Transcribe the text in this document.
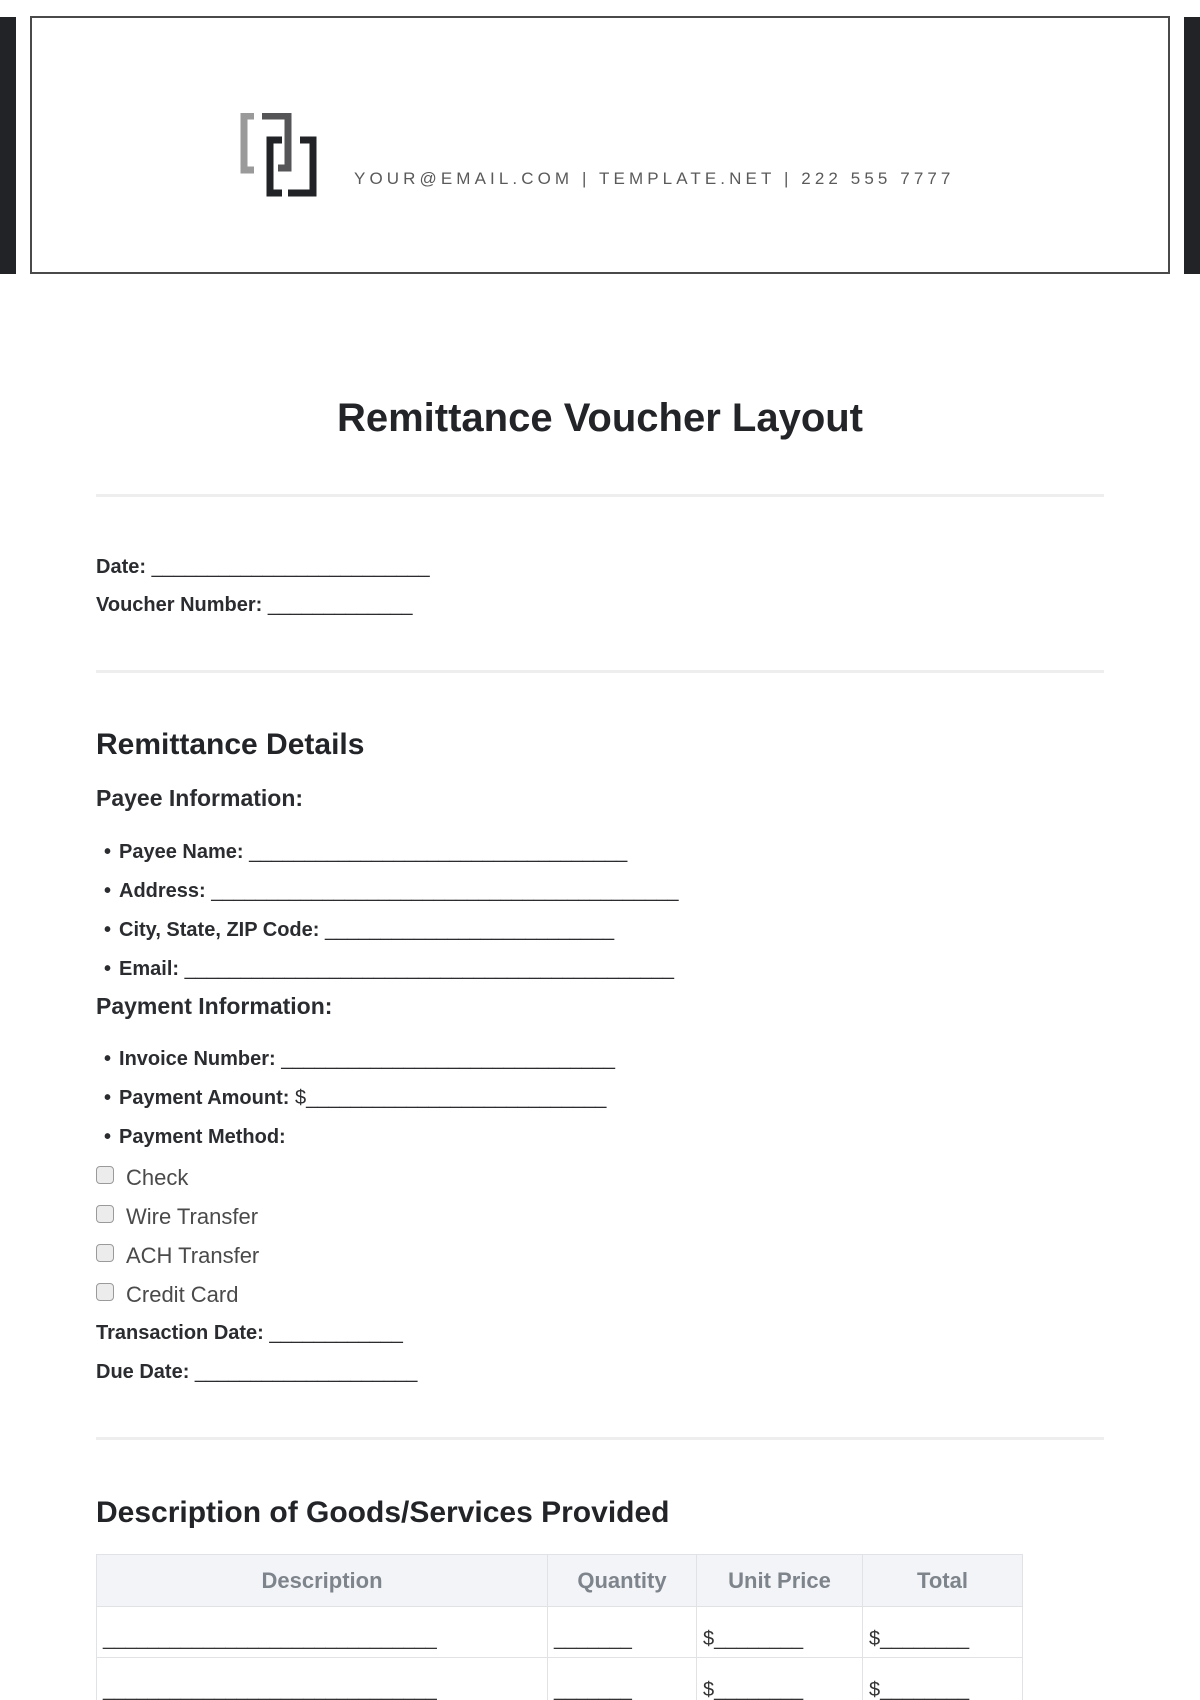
YOUR@EMAIL.COM | TEMPLATE.NET | 222 555 7777
Remittance Voucher Layout
Date: _________________________
Voucher Number: _____________
Remittance Details
Payee Information:
• Payee Name: __________________________________
• Address: __________________________________________
• City, State, ZIP Code: __________________________
• Email: ____________________________________________
Payment Information:
• Invoice Number: ______________________________
• Payment Amount: $___________________________
• Payment Method:
Check
Wire Transfer
ACH Transfer
Credit Card
Transaction Date: ____________
Due Date: ____________________
Description of Goods/Services Provided
Description	Quantity	Unit Price	Total
______________________________	_______	$________	$________
______________________________	_______	$________	$________
